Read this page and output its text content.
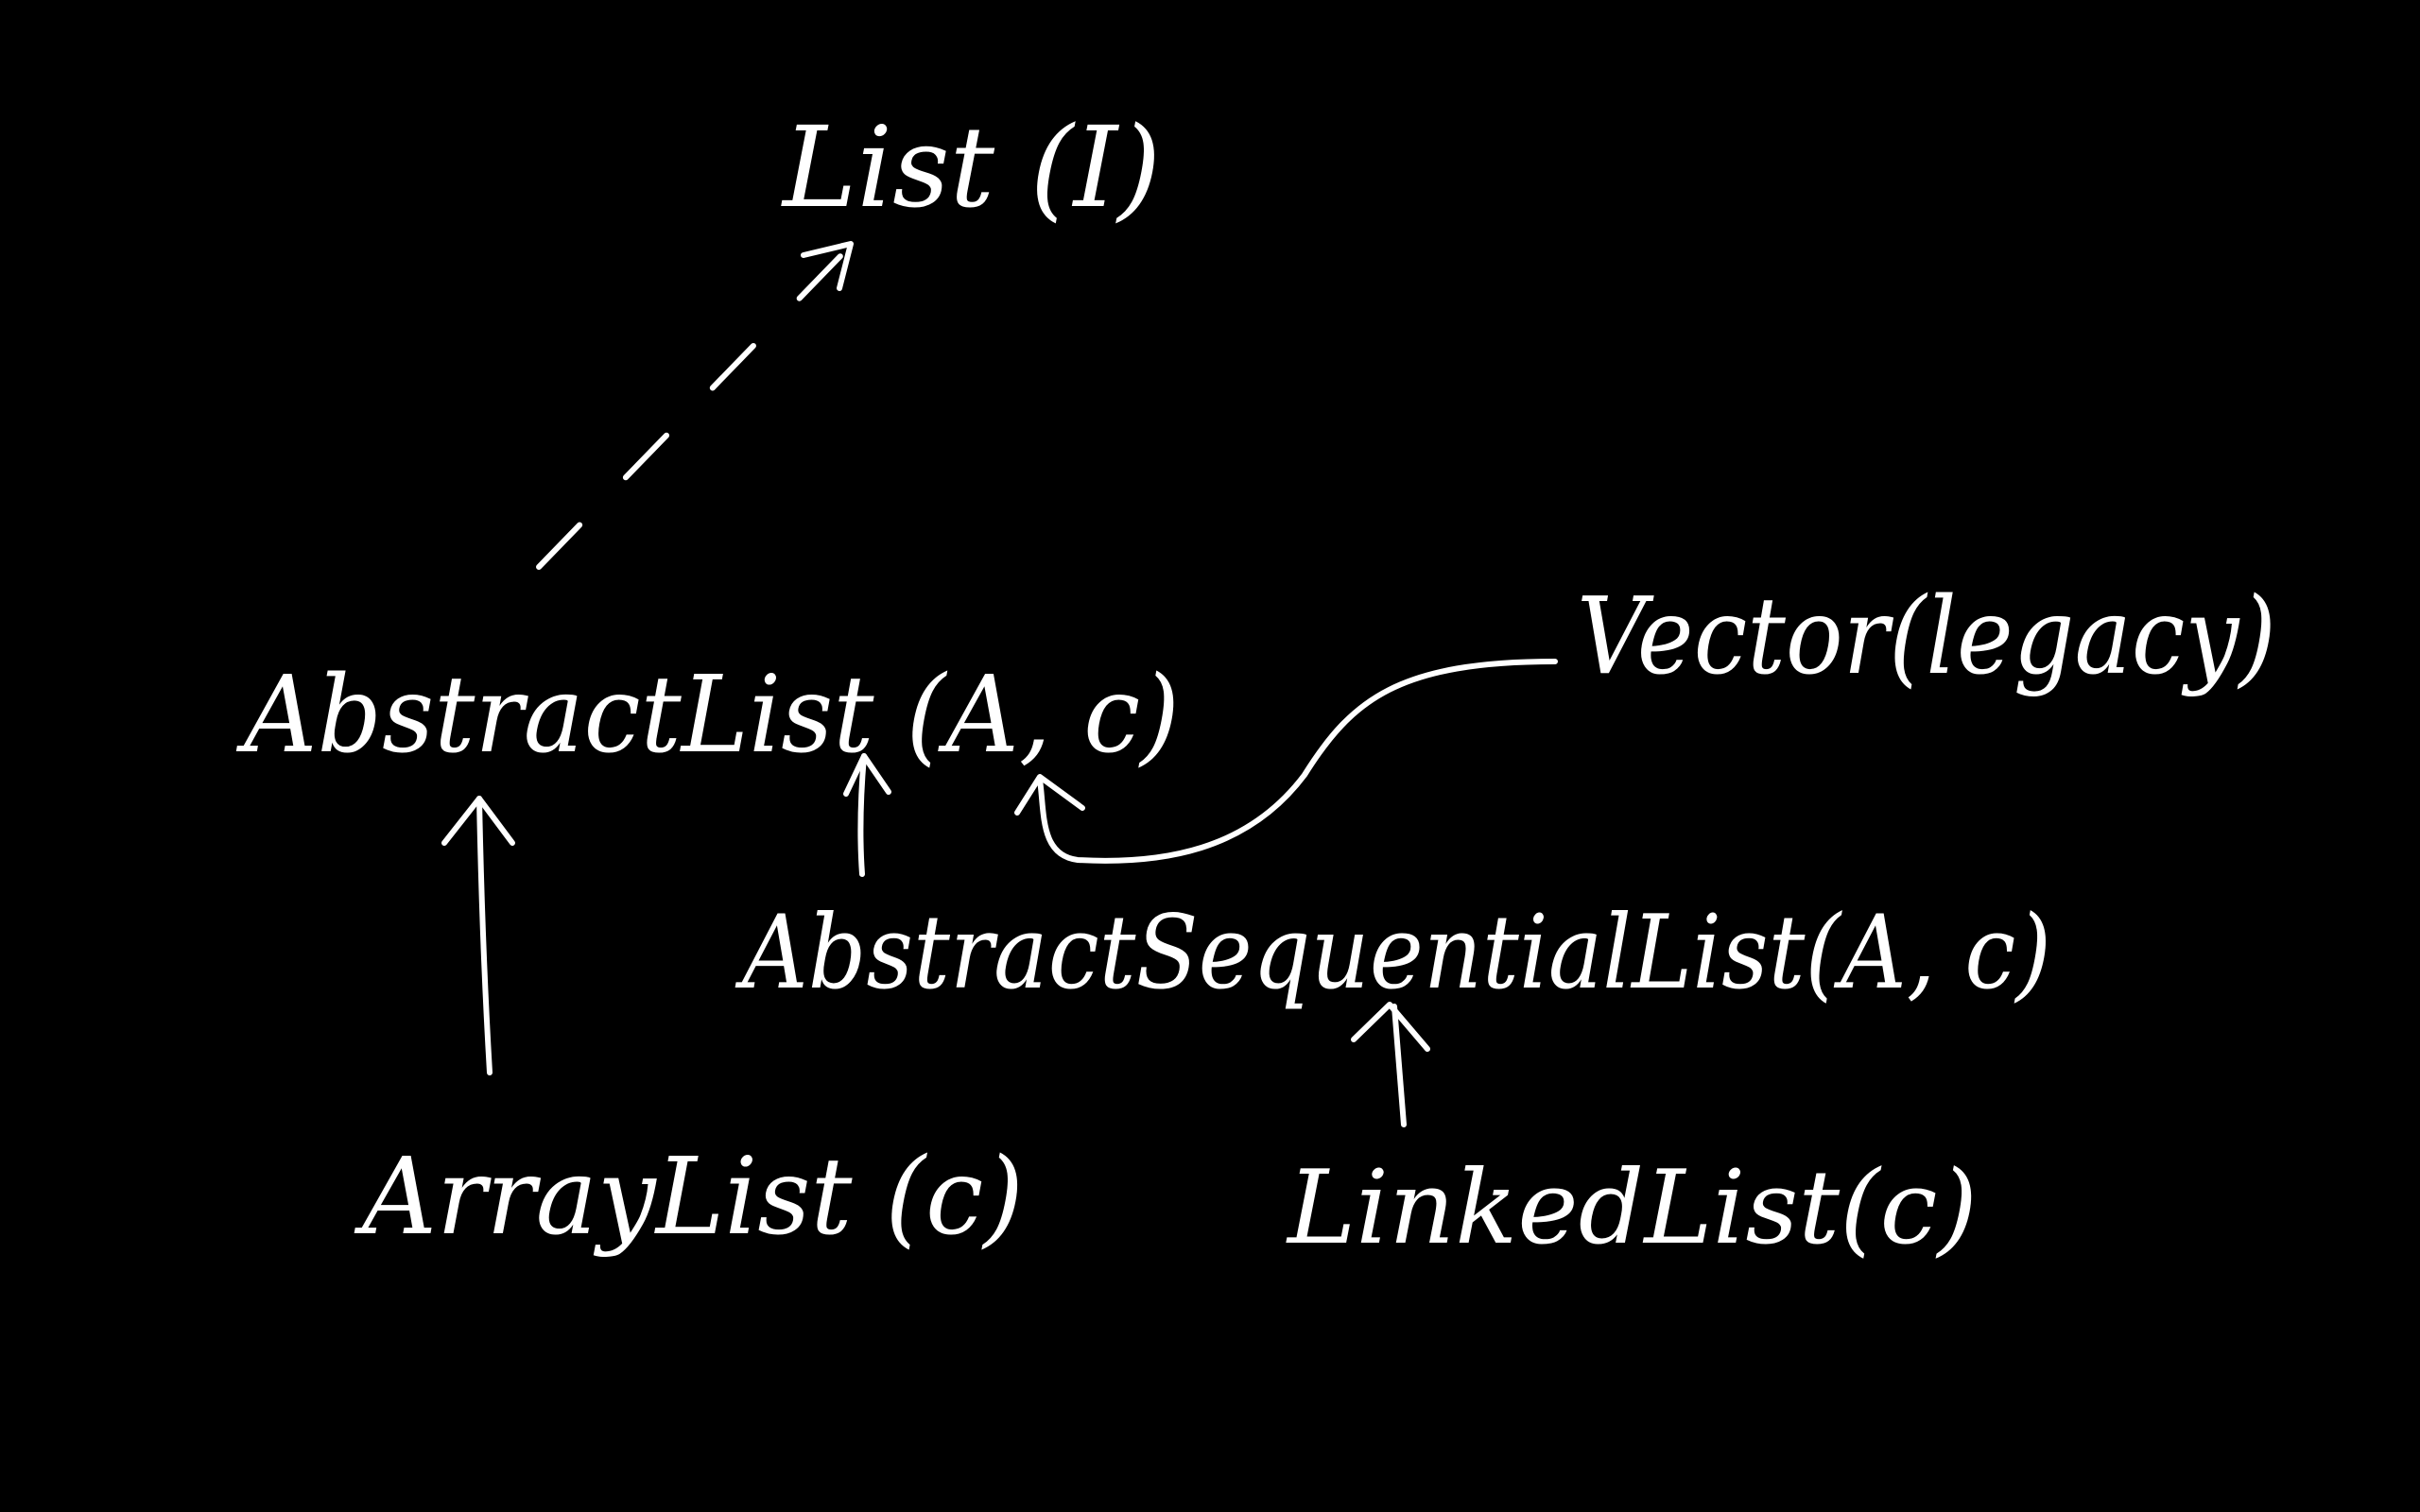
List (I)
AbstractList (A, c)
Vector(legacy)
AbstractSequentialList(A, c)
ArrayList (c)	LinkedList(c)
